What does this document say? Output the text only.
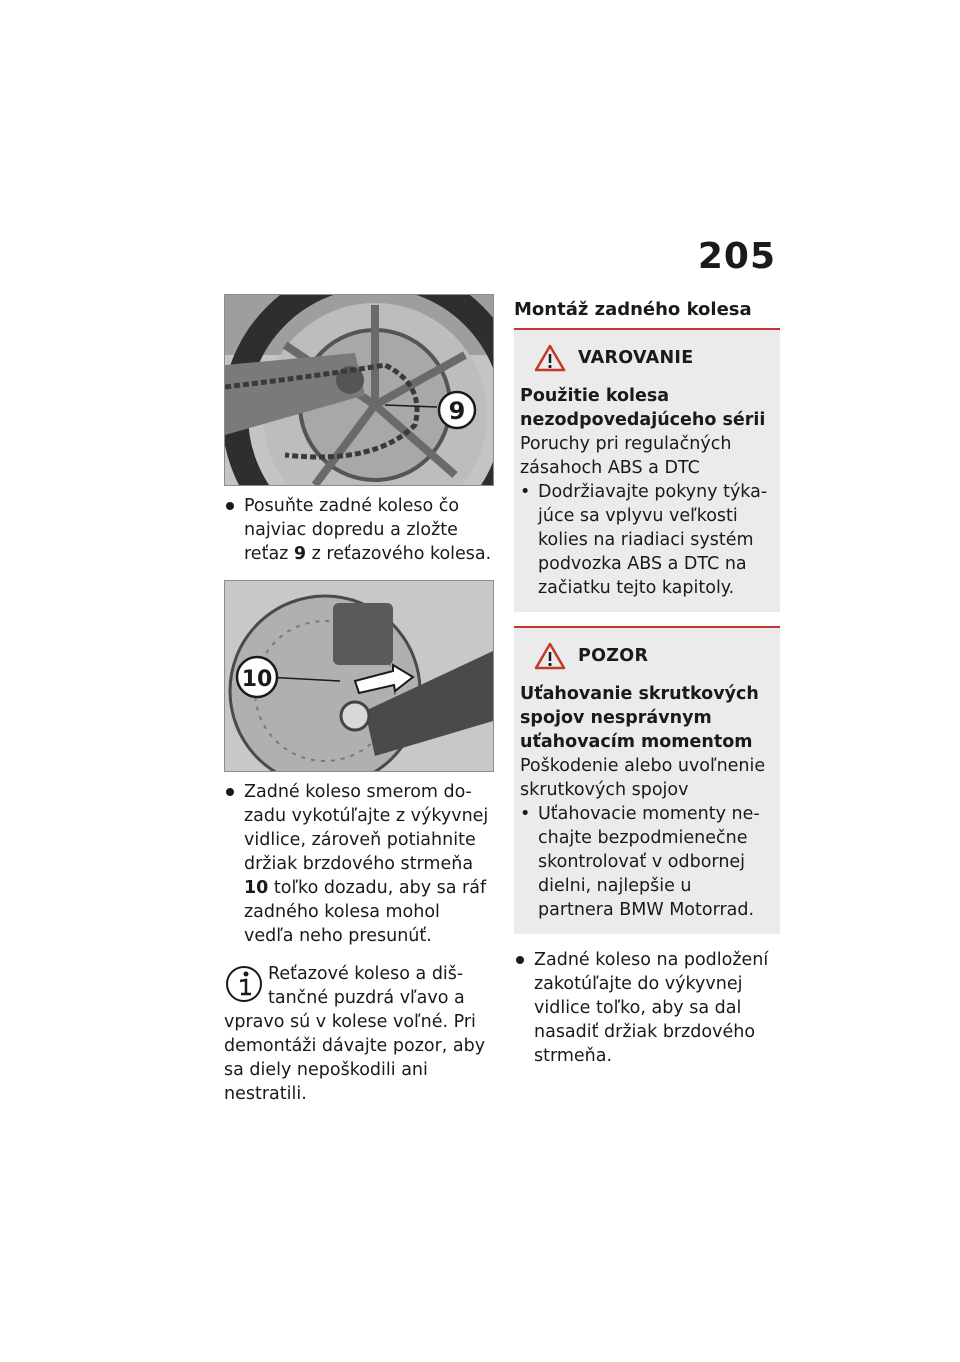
205
9
Posuňte zadné koleso čo najviac dopredu a zložte reťaz 9 z reťazového kolesa.
10
Zadné koleso smerom dozadu vykotúľajte z výkyvnej vidlice, zároveň potiahnite držiak brzdového strmeňa 10 toľko dozadu, aby sa ráf zadného kolesa mohol vedľa neho presunúť.
Reťazové koleso a dištančné puzdrá vľavo a vpravo sú v kolese voľné. Pri demontáži dávajte pozor, aby sa diely nepoškodili ani nestratili.
Montáž zadného kolesa
VAROVANIE
Použitie kolesa nezodpovedajúceho sérii
Poruchy pri regulačných zásahoch ABS a DTC
• Dodržiavajte pokyny týkajúce sa vplyvu veľkosti kolies na riadiaci systém podvozka ABS a DTC na začiatku tejto kapitoly.
POZOR
Uťahovanie skrutkových spojov nesprávnym uťahovacím momentom
Poškodenie alebo uvoľnenie skrutkových spojov
• Uťahovacie momenty nechajte bezpodmienečne skontrolovať v odbornej dielni, najlepšie u partnera BMW Motorrad.
Zadné koleso na podložení zakotúľajte do výkyvnej vidlice toľko, aby sa dal nasadiť držiak brzdového strmeňa.
